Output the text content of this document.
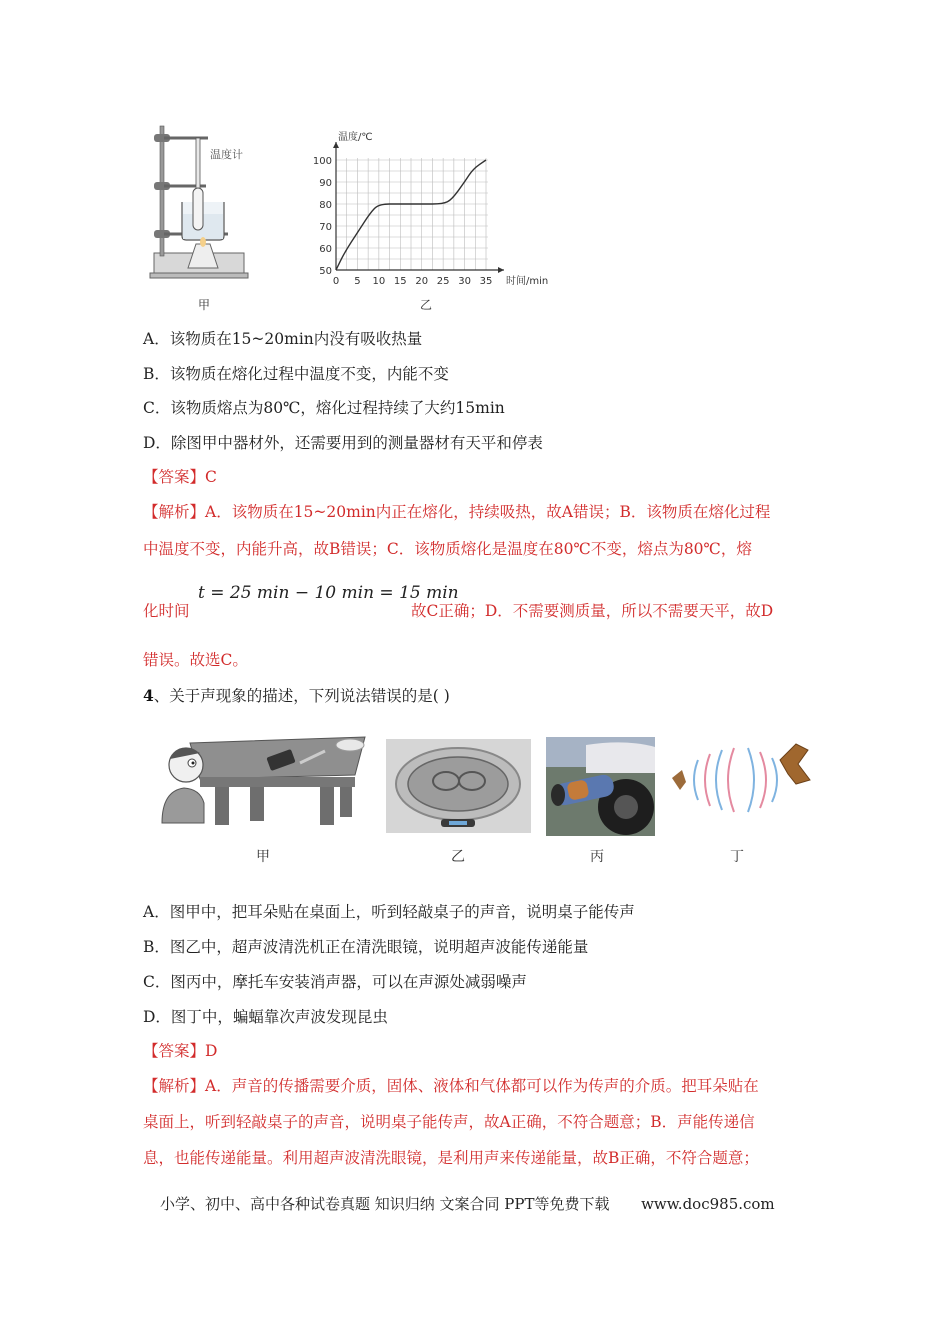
温度计
甲
0 5 10 15 20 25 30 35
50
60
70
80
90
100
温度/℃
时间/min
乙
A．该物质在15~20min内没有吸收热量
B．该物质在熔化过程中温度不变，内能不变
C．该物质熔点为80℃，熔化过程持续了大约15min
D．除图甲中器材外，还需要用到的测量器材有天平和停表
【答案】C
【解析】A．该物质在15~20min内正在熔化，持续吸热，故A错误；B．该物质在熔化过程
中温度不变，内能升高，故B错误；C．该物质熔化是温度在80℃不变，熔点为80℃，熔
化时间
t = 25 min − 10 min = 15 min
故C正确；D．不需要测质量，所以不需要天平，故D
错误。故选C。
4、关于声现象的描述，下列说法错误的是( )
甲	乙	丙	丁
A．图甲中，把耳朵贴在桌面上，听到轻敲桌子的声音，说明桌子能传声
B．图乙中，超声波清洗机正在清洗眼镜，说明超声波能传递能量
C．图丙中，摩托车安装消声器，可以在声源处减弱噪声
D．图丁中，蝙蝠靠次声波发现昆虫
【答案】D
【解析】A．声音的传播需要介质，固体、液体和气体都可以作为传声的介质。把耳朵贴在
桌面上，听到轻敲桌子的声音，说明桌子能传声，故A正确，不符合题意；B．声能传递信
息，也能传递能量。利用超声波清洗眼镜，是利用声来传递能量，故B正确，不符合题意；
小学、初中、高中各种试卷真题 知识归纳 文案合同 PPT等免费下载 www.doc985.com
